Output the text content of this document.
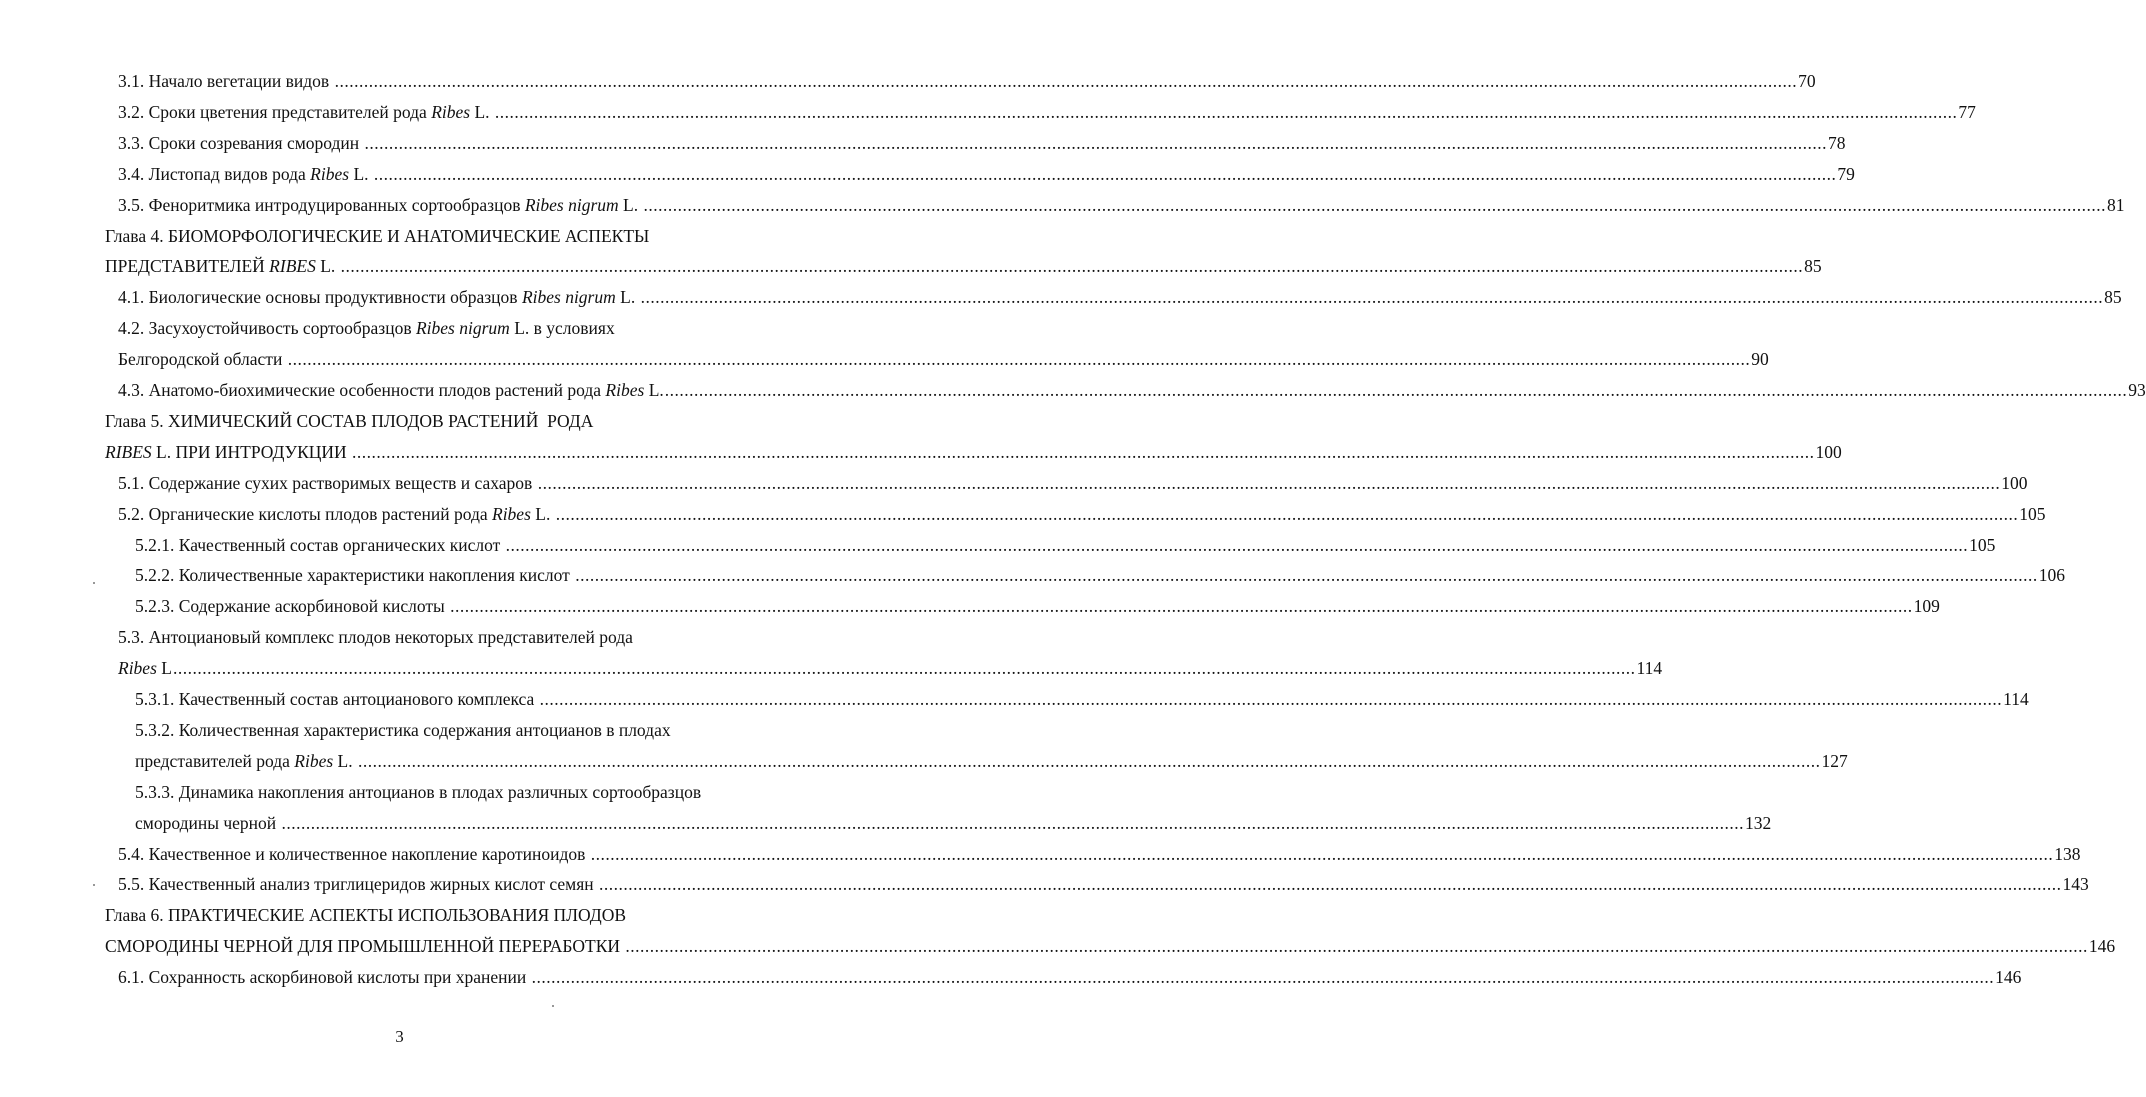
3.1. Начало вегетации видов ............................................................................................................................................................................................................................................................................................................ 70
3.2. Сроки цветения представителей рода Ribes L. ............................................................................................................................................................................................................................................................................................................ 77
3.3. Сроки созревания смородин ............................................................................................................................................................................................................................................................................................................ 78
3.4. Листопад видов рода Ribes L. ............................................................................................................................................................................................................................................................................................................ 79
3.5. Феноритмика интродуцированных сортообразцов Ribes nigrum L. ............................................................................................................................................................................................................................................................................................................ 81
Глава 4. БИОМОРФОЛОГИЧЕСКИЕ И АНАТОМИЧЕСКИЕ АСПЕКТЫ
ПРЕДСТАВИТЕЛЕЙ RIBES L. ............................................................................................................................................................................................................................................................................................................ 85
4.1. Биологические основы продуктивности образцов Ribes nigrum L. ............................................................................................................................................................................................................................................................................................................ 85
4.2. Засухоустойчивость сортообразцов Ribes nigrum L. в условиях
Белгородской области ............................................................................................................................................................................................................................................................................................................ 90
4.3. Анатомо-биохимические особенности плодов растений рода Ribes L. ............................................................................................................................................................................................................................................................................................................ 93
Глава 5. ХИМИЧЕСКИЙ СОСТАВ ПЛОДОВ РАСТЕНИЙ  РОДА
RIBES L. ПРИ ИНТРОДУКЦИИ ............................................................................................................................................................................................................................................................................................................ 100
5.1. Содержание сухих растворимых веществ и сахаров ............................................................................................................................................................................................................................................................................................................ 100
5.2. Органические кислоты плодов растений рода Ribes L. ............................................................................................................................................................................................................................................................................................................ 105
5.2.1. Качественный состав органических кислот ............................................................................................................................................................................................................................................................................................................ 105
5.2.2. Количественные характеристики накопления кислот ............................................................................................................................................................................................................................................................................................................ 106
5.2.3. Содержание аскорбиновой кислоты ............................................................................................................................................................................................................................................................................................................ 109
5.3. Антоциановый комплекс плодов некоторых представителей рода
Ribes L ............................................................................................................................................................................................................................................................................................................ 114
5.3.1. Качественный состав антоцианового комплекса ............................................................................................................................................................................................................................................................................................................ 114
5.3.2. Количественная характеристика содержания антоцианов в плодах
представителей рода Ribes L. ............................................................................................................................................................................................................................................................................................................ 127
5.3.3. Динамика накопления антоцианов в плодах различных сортообразцов
смородины черной ............................................................................................................................................................................................................................................................................................................ 132
5.4. Качественное и количественное накопление каротиноидов ............................................................................................................................................................................................................................................................................................................ 138
5.5. Качественный анализ триглицеридов жирных кислот семян ............................................................................................................................................................................................................................................................................................................ 143
Глава 6. ПРАКТИЧЕСКИЕ АСПЕКТЫ ИСПОЛЬЗОВАНИЯ ПЛОДОВ
СМОРОДИНЫ ЧЕРНОЙ ДЛЯ ПРОМЫШЛЕННОЙ ПЕРЕРАБОТКИ ............................................................................................................................................................................................................................................................................................................ 146
6.1. Сохранность аскорбиновой кислоты при хранении ............................................................................................................................................................................................................................................................................................................ 146
3
